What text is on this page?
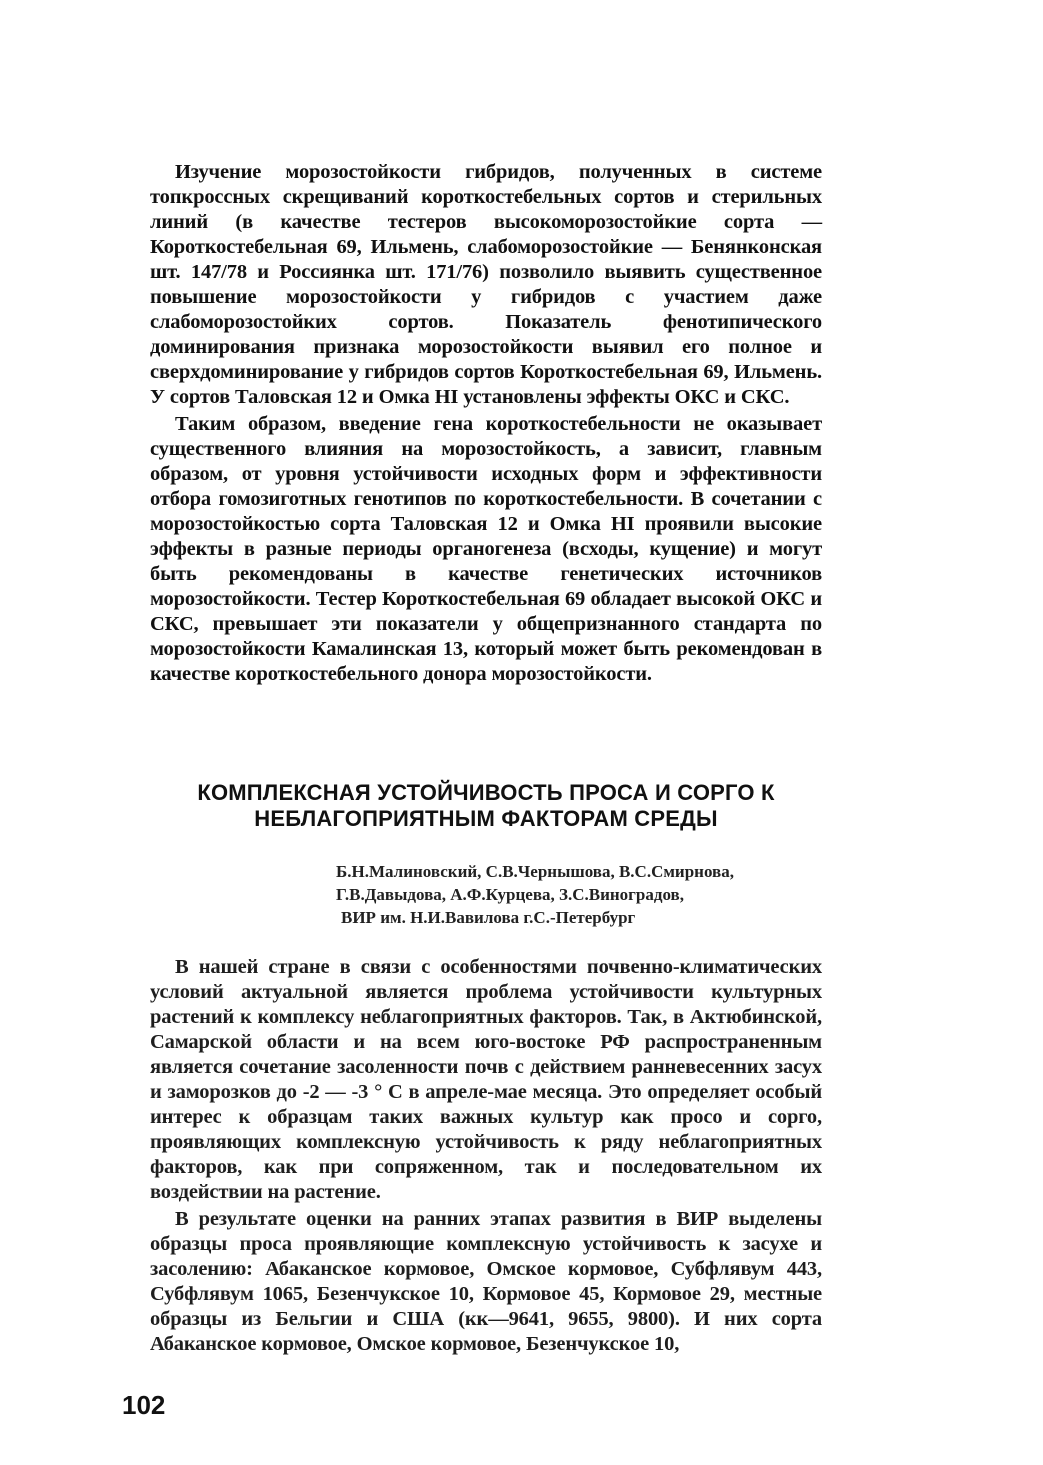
Изучение морозостойкости гибридов, полученных в системе топкроссных скрещиваний короткостебельных сортов и стерильных линий (в качестве тестеров высокоморозостойкие сорта — Короткостебельная 69, Ильмень, слабоморозостойкие — Бенянконская шт. 147/78 и Россиянка шт. 171/76) позволило выявить существенное повышение морозостойкости у гибридов с участием даже слабоморозостойких сортов. Показатель фенотипического доминирования признака морозостойкости выявил его полное и сверхдоминирование у гибридов сортов Короткостебельная 69, Ильмень. У сортов Таловская 12 и Омка НI установлены эффекты ОКС и СКС.

Таким образом, введение гена короткостебельности не оказывает существенного влияния на морозостойкость, а зависит, главным образом, от уровня устойчивости исходных форм и эффективности отбора гомозиготных генотипов по короткостебельности. В сочетании с морозостойкостью сорта Таловская 12 и Омка НI проявили высокие эффекты в разные периоды органогенеза (всходы, кущение) и могут быть рекомендованы в качестве генетических источников морозостойкости. Тестер Короткостебельная 69 обладает высокой ОКС и СКС, превышает эти показатели у общепризнанного стандарта по морозостойкости Камалинская 13, который может быть рекомендован в качестве короткостебельного донора морозостойкости.

КОМПЛЕКСНАЯ УСТОЙЧИВОСТЬ ПРОСА И СОРГО К
НЕБЛАГОПРИЯТНЫМ ФАКТОРАМ СРЕДЫ
Б.Н.Малиновский, С.В.Чернышова, В.С.Смирнова,
Г.В.Давыдова, А.Ф.Курцева, З.С.Виноградов,
ВИР им. Н.И.Вавилова г.С.-Петербург

В нашей стране в связи с особенностями почвенно-климатических условий актуальной является проблема устойчивости культурных растений к комплексу неблагоприятных факторов. Так, в Актюбинской, Самарской области и на всем юго-востоке РФ распространенным является сочетание засоленности почв с действием ранневесенних засух и заморозков до -2 — -3 ° С в апреле-мае месяца. Это определяет особый интерес к образцам таких важных культур как просо и сорго, проявляющих комплексную устойчивость к ряду неблагоприятных факторов, как при сопряженном, так и последовательном их воздействии на растение.

В результате оценки на ранних этапах развития в ВИР выделены образцы проса проявляющие комплексную устойчивость к засухе и засолению: Абаканское кормовое, Омское кормовое, Субфлявум 443, Субфлявум 1065, Безенчукское 10, Кормовое 45, Кормовое 29, местные образцы из Бельгии и США (кк—9641, 9655, 9800). И них сорта Абаканское кормовое, Омское кормовое, Безенчукское 10,

102
